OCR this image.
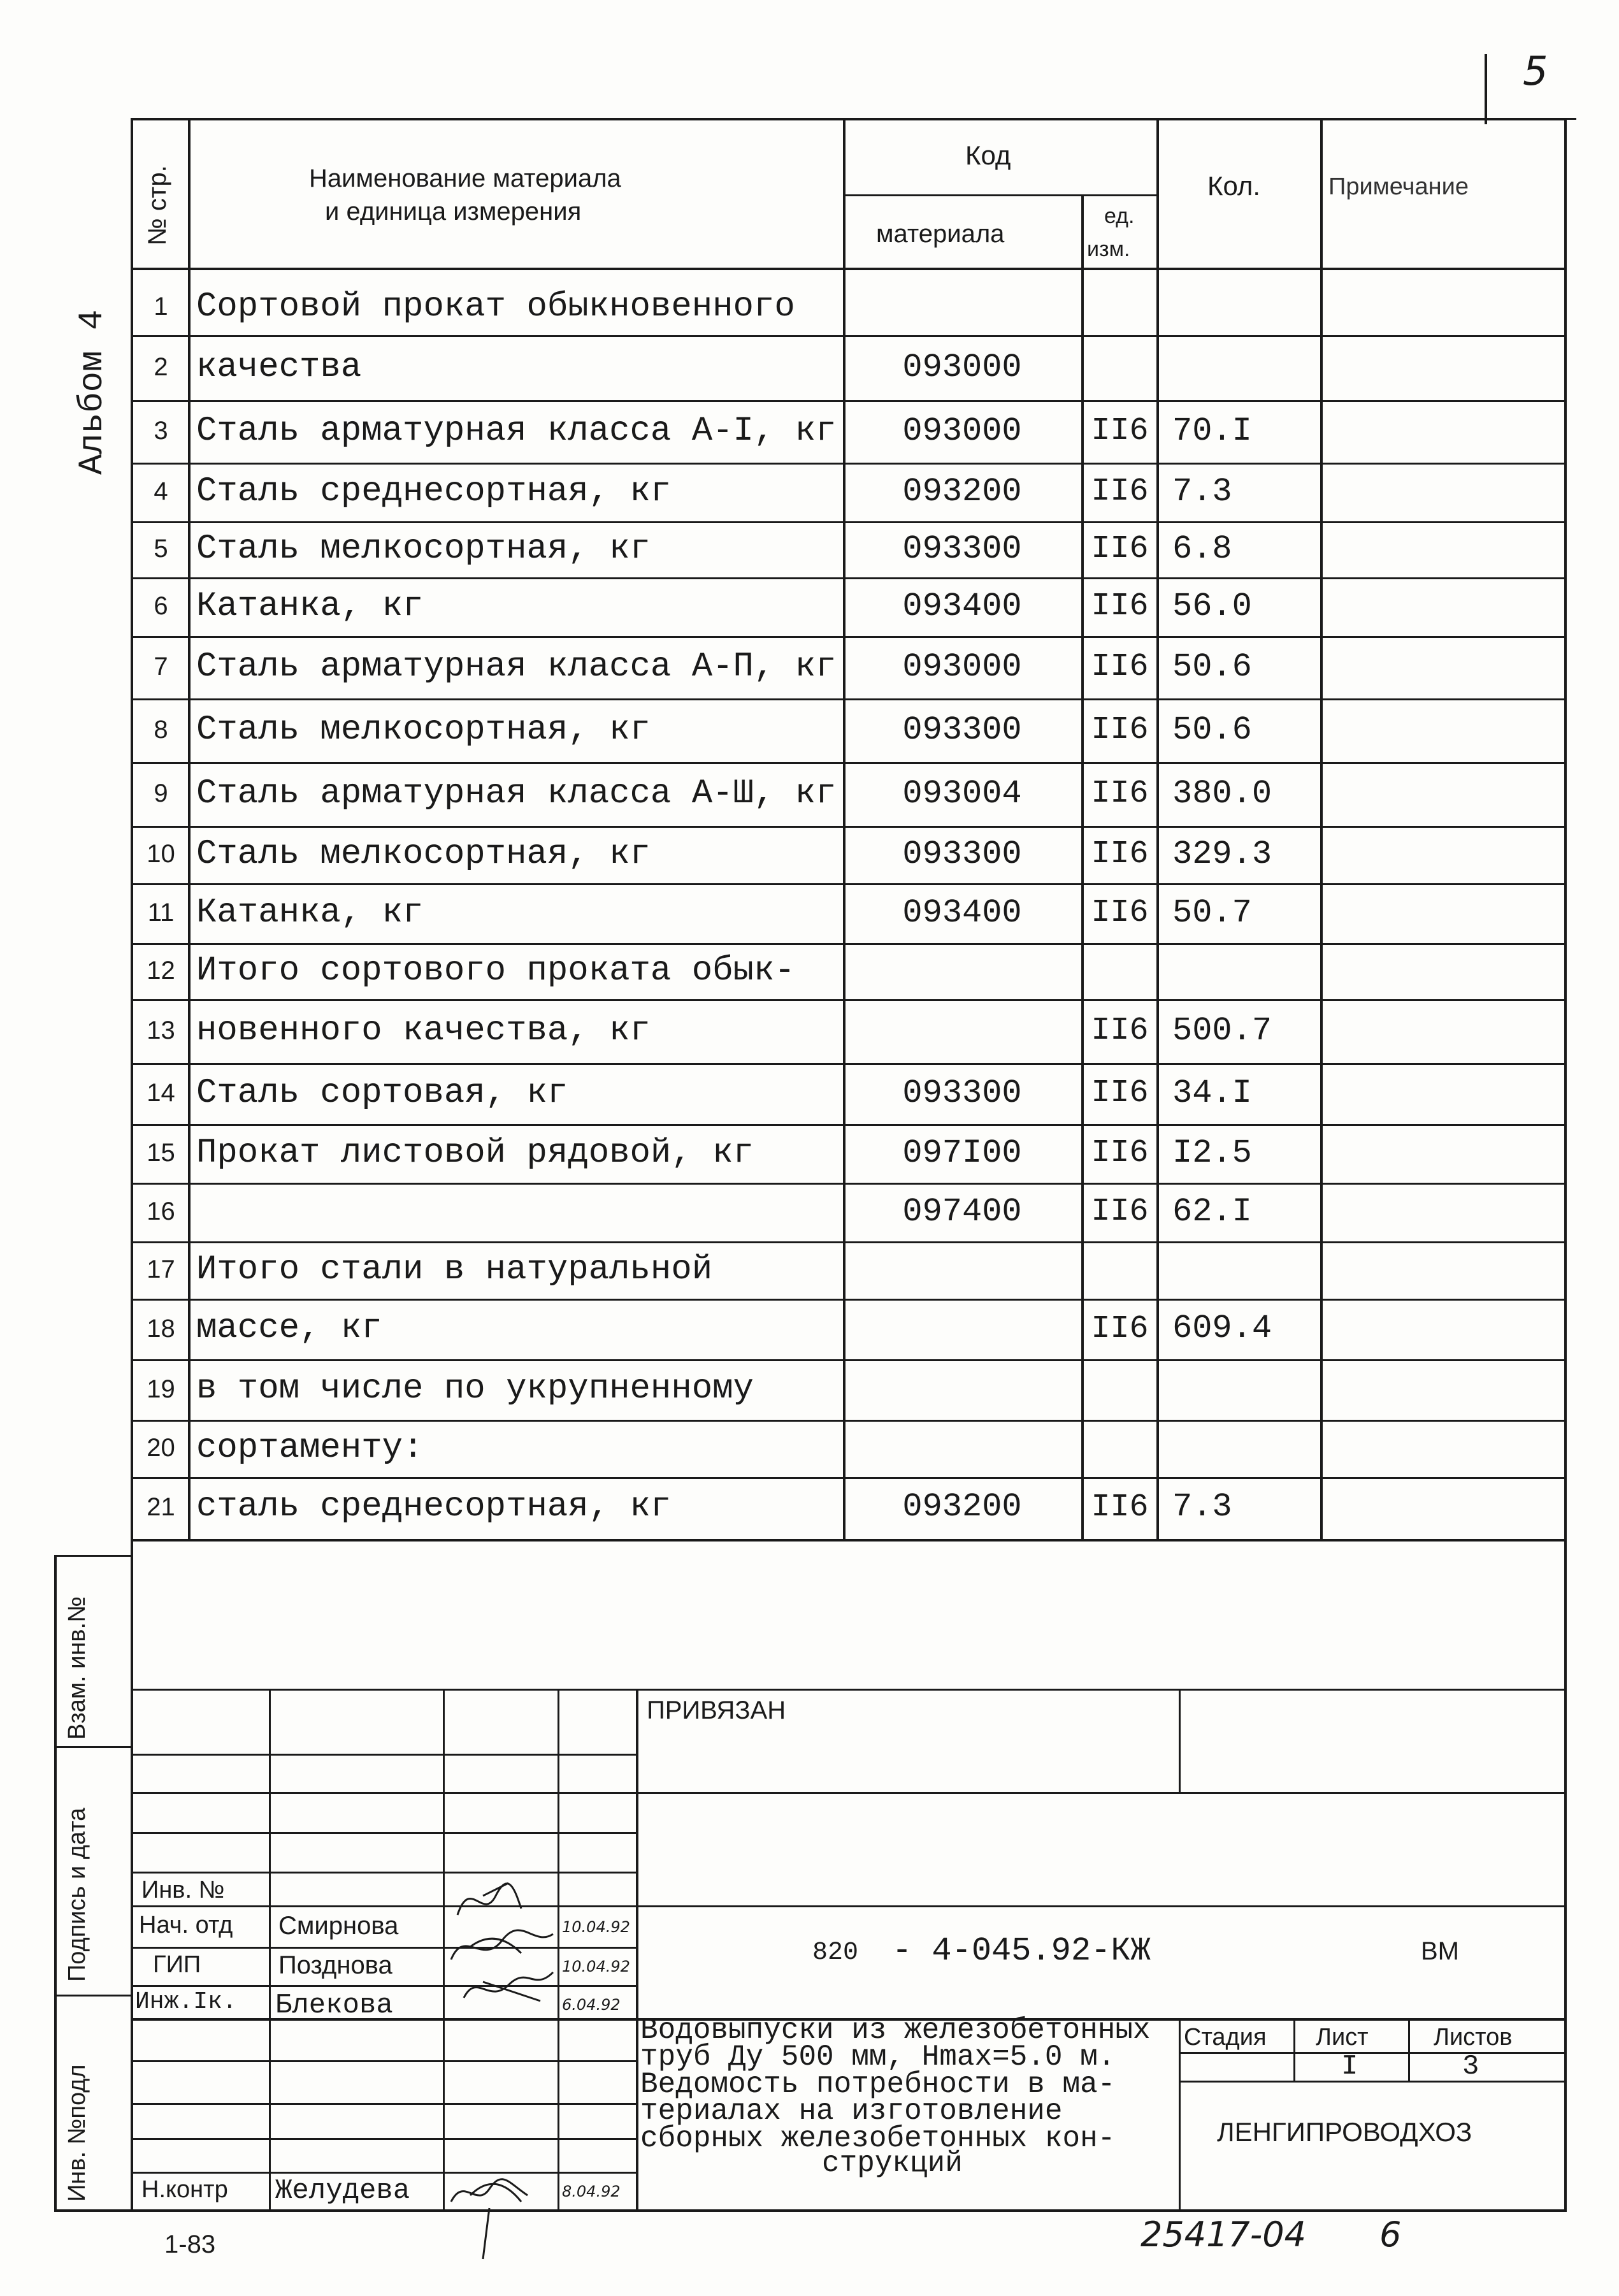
5
Альбом 4
№ стр.	Наименование материала
и единица измерения
Код
материала
ед.
изм.
Кол.	Примечание
1 Сортовой прокат обыкновенного
2 качества	093000
3 Сталь арматурная класса А-I, кг	093000	II6 70.I
4 Сталь среднесортная, кг	093200	II6 7.3
5 Сталь мелкосортная, кг	093300	II6 6.8
6 Катанка, кг	093400	II6 56.0
7 Сталь арматурная класса А-П, кг	093000	II6 50.6
8 Сталь мелкосортная, кг	093300	II6 50.6
9 Сталь арматурная класса А-Ш, кг	093004	II6 380.0
10 Сталь мелкосортная, кг	093300	II6 329.3
11 Катанка, кг	093400	II6 50.7
12 Итого сортового проката обык-
13 новенного качества, кг	II6 500.7
14 Сталь сортовая, кг	093300	II6 34.I
15 Прокат листовой рядовой, кг	097I00	II6 I2.5
16	097400	II6 62.I
17 Итого стали в натуральной
18 массе, кг	II6 609.4
19 в том числе по укрупненному
20 сортаменту:
21 сталь среднесортная, кг	093200	II6 7.3
Инв. №подл
Подпись и дата
Взам. инв.№	ПРИВЯЗАН
Инв. №
Нач. отд Смирнова	10.04.92
ГИП	Позднова	10.04.92
Инж.Iк. Блекова	6.04.92
Н.контр Желудева	8.04.92
820 - 4-045.92-КЖ	ВМ
Водовыпуски из железобетонных
труб Ду 500 мм, Hmax=5.0 м.
Ведомость потребности в ма-
териалах на изготовление
сборных железобетонных кон-
струкций
Стадия Лист	Листов
I	3
ЛЕНГИПРОВОДХОЗ
1-83	25417-04 6
